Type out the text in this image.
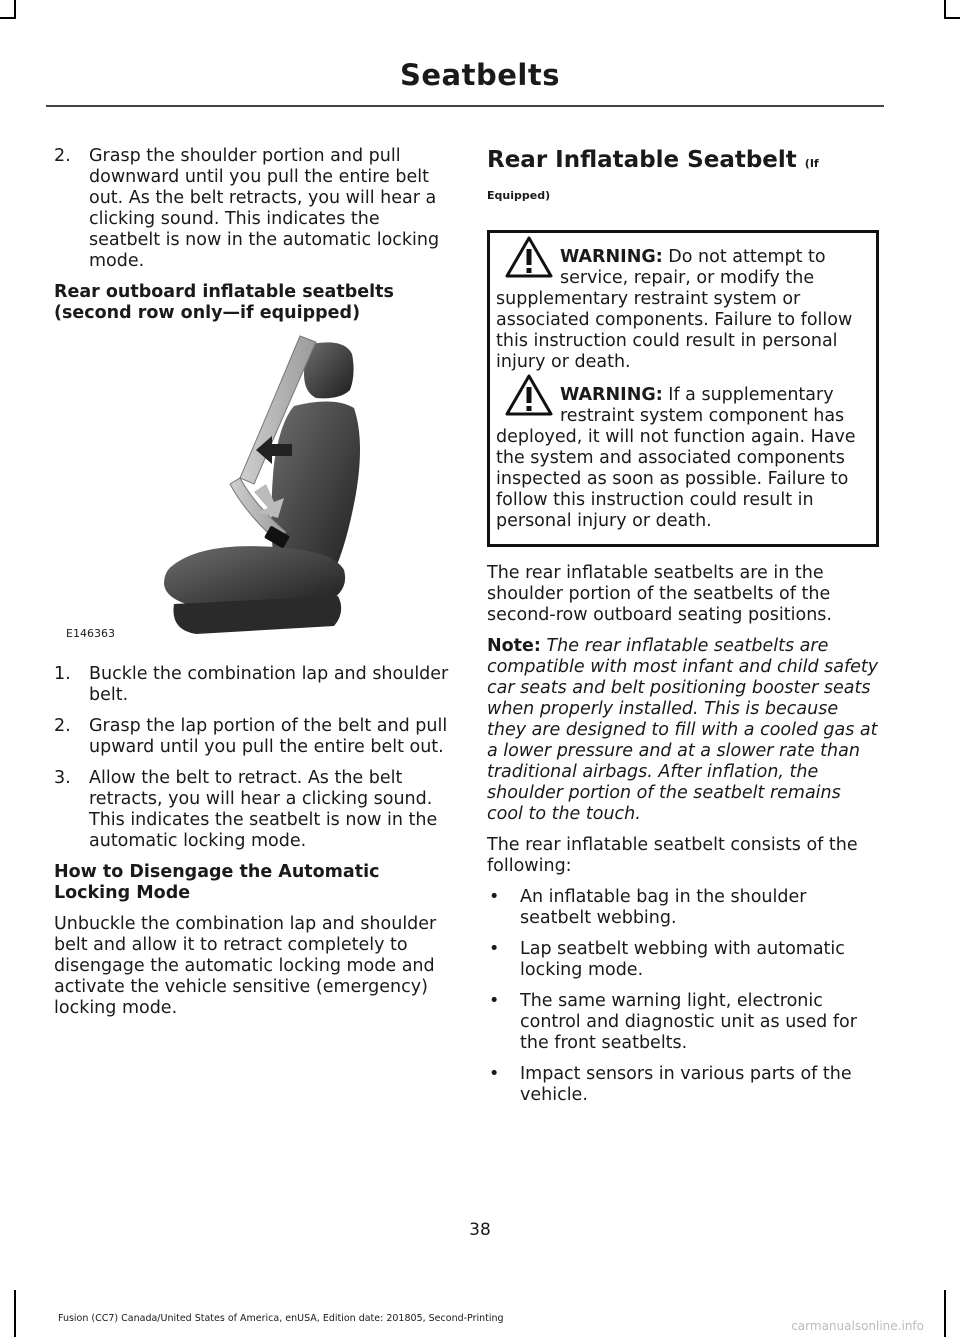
Seatbelts
2. Grasp the shoulder portion and pull downward until you pull the entire belt out. As the belt retracts, you will hear a clicking sound. This indicates the seatbelt is now in the automatic locking mode.
Rear outboard inflatable seatbelts (second row only—if equipped)
E146363
1. Buckle the combination lap and shoulder belt.
2. Grasp the lap portion of the belt and pull upward until you pull the entire belt out.
3. Allow the belt to retract. As the belt retracts, you will hear a clicking sound. This indicates the seatbelt is now in the automatic locking mode.
How to Disengage the Automatic Locking Mode
Unbuckle the combination lap and shoulder belt and allow it to retract completely to disengage the automatic locking mode and activate the vehicle sensitive (emergency) locking mode.
Rear Inflatable Seatbelt (If Equipped)
WARNING: Do not attempt to service, repair, or modify the supplementary restraint system or associated components. Failure to follow this instruction could result in personal injury or death.
WARNING: If a supplementary restraint system component has deployed, it will not function again. Have the system and associated components inspected as soon as possible. Failure to follow this instruction could result in personal injury or death.
The rear inflatable seatbelts are in the shoulder portion of the seatbelts of the second-row outboard seating positions.
Note: The rear inflatable seatbelts are compatible with most infant and child safety car seats and belt positioning booster seats when properly installed. This is because they are designed to fill with a cooled gas at a lower pressure and at a slower rate than traditional airbags. After inflation, the shoulder portion of the seatbelt remains cool to the touch.
The rear inflatable seatbelt consists of the following:
• An inflatable bag in the shoulder seatbelt webbing.
• Lap seatbelt webbing with automatic locking mode.
• The same warning light, electronic control and diagnostic unit as used for the front seatbelts.
• Impact sensors in various parts of the vehicle.
38
Fusion (CC7) Canada/United States of America, enUSA, Edition date: 201805, Second-Printing
carmanualsonline.info
